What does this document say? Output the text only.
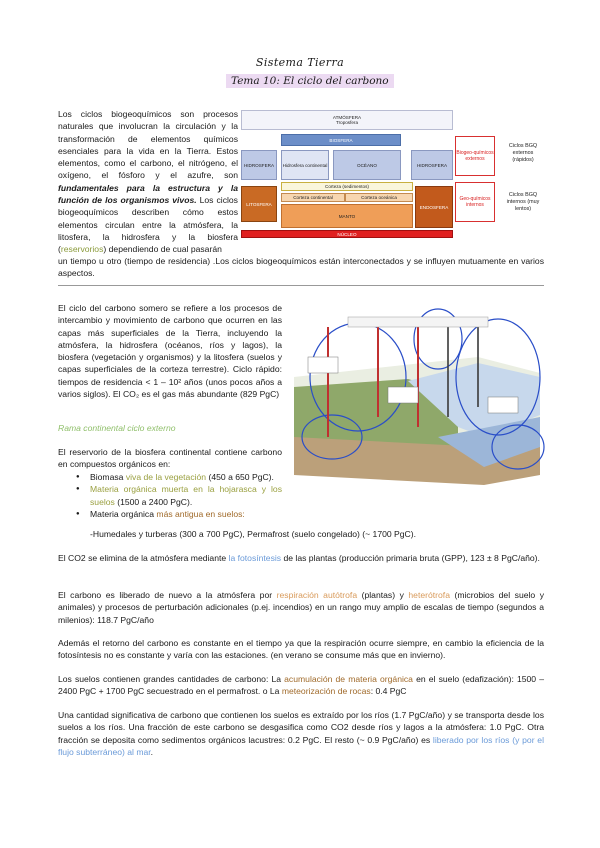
Sistema Tierra
Tema 10: El ciclo del carbono
Los ciclos biogeoquímicos son procesos naturales que involucran la circulación y la transformación de elementos químicos esenciales para la vida en la Tierra. Estos elementos, como el carbono, el nitrógeno, el oxígeno, el fósforo y el azufre, son fundamentales para la estructura y la función de los organismos vivos. Los ciclos biogeoquímicos describen cómo estos elementos circulan entre la atmósfera, la litosfera, la hidrosfera y la biosfera (reservorios) dependiendo de cual pasarán
un tiempo u otro (tiempo de residencia) .Los ciclos biogeoquímicos están interconectados y se influyen mutuamente en varios aspectos.
ATMÓSFERA
Troposfera
BIOSFERA
HIDROSFERA	Hidrosfera continental	OCÉANO	HIDROSFERA
Corteza (sedimentos)
Corteza continental	Corteza oceánica
LITOSFERA
MANTO
ENDOSFERA
NÚCLEO
Biogeo-químicos externos
Geo-químicos internos
Ciclos BGQ externos (rápidos)
Ciclos BGQ internos (muy lentos)
El ciclo del carbono somero se refiere a los procesos de intercambio y movimiento de carbono que ocurren en las capas más superficiales de la Tierra, incluyendo la atmósfera, la hidrosfera (océanos, ríos y lagos), la biosfera (vegetación y organismos) y la litosfera (suelos y capas superficiales de la corteza terrestre). Ciclo rápido: tiempos de residencia < 1 – 10² años (unos pocos años a varios siglos). El CO₂ es el gas más abundante (829 PgC)
Rama continental ciclo externo
El reservorio de la biosfera continental contiene carbono en compuestos orgánicos en:
● Biomasa viva de la vegetación (450 a 650 PgC).
● Materia orgánica muerta en la hojarasca y los suelos (1500 a 2400 PgC).
● Materia orgánica más antigua en suelos:
-Humedales y turberas (300 a 700 PgC), Permafrost (suelo congelado) (~ 1700 PgC).
El CO2 se elimina de la atmósfera mediante la fotosíntesis de las plantas (producción primaria bruta (GPP), 123 ± 8 PgC/año).
El carbono es liberado de nuevo a la atmósfera por respiración autótrofa (plantas) y heterótrofa (microbios del suelo y animales) y procesos de perturbación adicionales (p.ej. incendios) en un rango muy amplio de escalas de tiempo (segundos a milenios): 118.7 PgC/año
Además el retorno del carbono es constante en el tiempo ya que la respiración ocurre siempre, en cambio la eficiencia de la fotosíntesis no es constante y varía con las estaciones. (en verano se consume más que en invierno).
Los suelos contienen grandes cantidades de carbono: La acumulación de materia orgánica en el suelo (edafización): 1500 – 2400 PgC + 1700 PgC secuestrado en el permafrost. o La meteorización de rocas: 0.4 PgC
Una cantidad significativa de carbono que contienen los suelos es extraído por los ríos (1.7 PgC/año) y se transporta desde los suelos a los ríos. Una fracción de este carbono se desgasifica como CO2 desde ríos y lagos a la atmósfera: 1.0 PgC. Otra fracción se deposita como sedimentos orgánicos lacustres: 0.2 PgC. El resto (~ 0.9 PgC/año) es liberado por los ríos (y por el flujo subterráneo) al mar.
